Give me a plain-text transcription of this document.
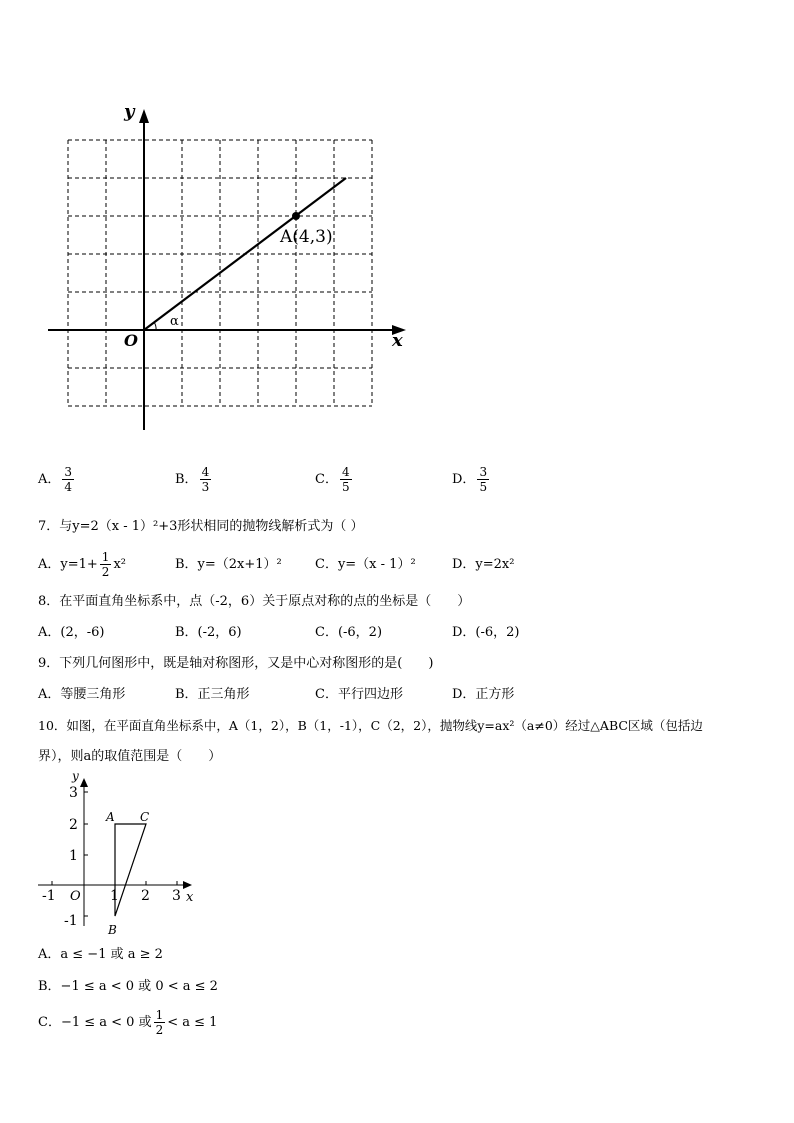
y
x
O
A(4,3)
α
A． $\frac{3}{4}$	B． $\frac{4}{3}$	C． $\frac{4}{5}$	D． $\frac{3}{5}$
7．与y=2（x - 1）²+3形状相同的抛物线解析式为（ ）
A．$y=1+ \frac{1}{2} x^2$	B．y=（2x+1）²	C．y=（x - 1）²	D．y=2x²
8．在平面直角坐标系中，点（-2，6）关于原点对称的点的坐标是（　　）
A．(2，-6)	B．(-2，6)	C．(-6，2)	D．(-6，2)
9．下列几何图形中，既是轴对称图形，又是中心对称图形的是(　　)
A．等腰三角形	B．正三角形	C．平行四边形	D．正方形
10．如图，在平面直角坐标系中，A（1，2），B（1，-1），C（2，2），抛物线y=ax²（a≠0）经过△ABC区域（包括边
界），则a的取值范围是（　　）
y
x
O
-1	1 2 3
3
2
1
-1
A C
B
A．a ≤ −1 或 a ≥ 2
B．−1 ≤ a < 0 或 0 < a ≤ 2
C．−1 ≤ a < 0 或 $\frac{1}{2} < a \le 1$
